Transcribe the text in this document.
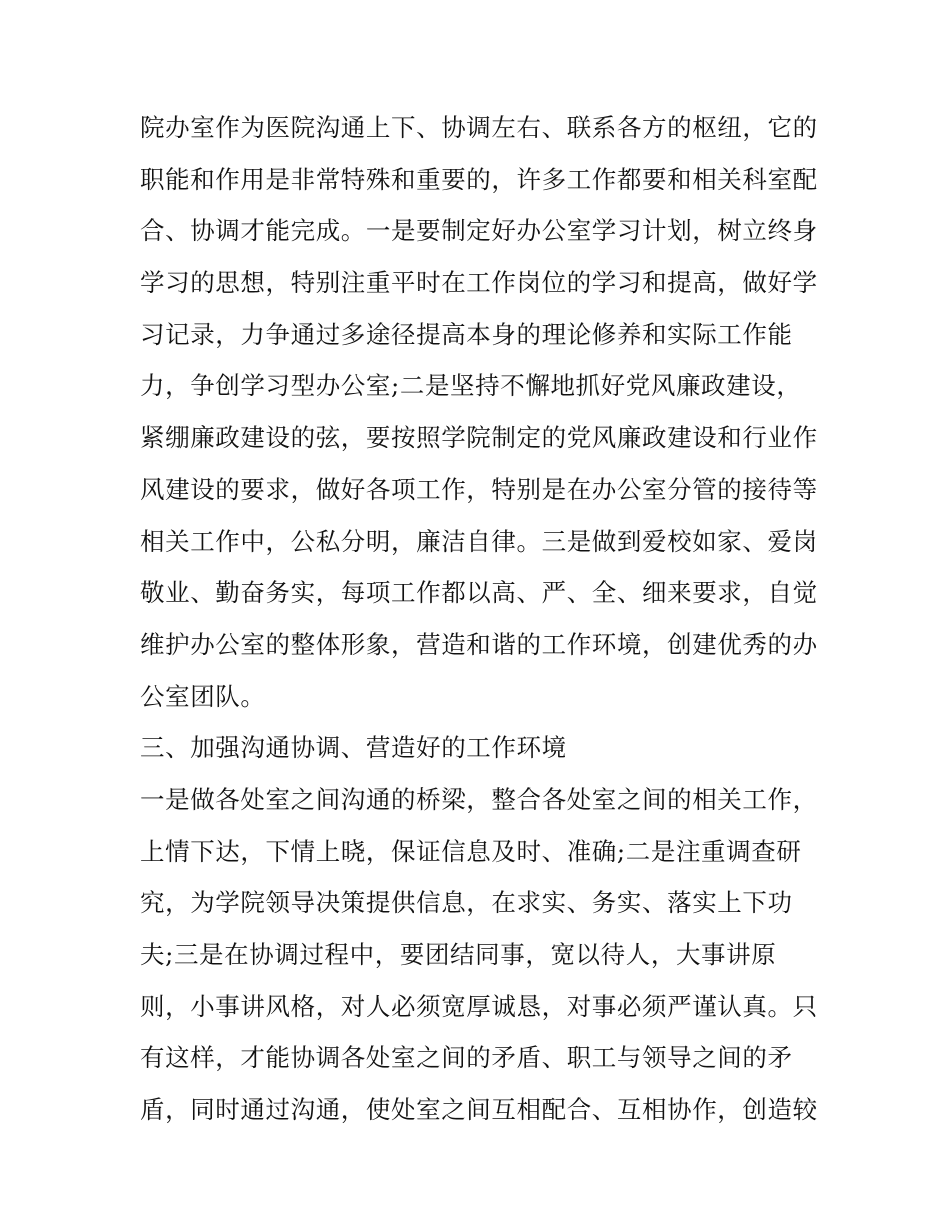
院办室作为医院沟通上下、协调左右、联系各方的枢纽，它的
职能和作用是非常特殊和重要的，许多工作都要和相关科室配
合、协调才能完成。一是要制定好办公室学习计划，树立终身
学习的思想，特别注重平时在工作岗位的学习和提高，做好学
习记录，力争通过多途径提高本身的理论修养和实际工作能
力，争创学习型办公室;二是坚持不懈地抓好党风廉政建设，
紧绷廉政建设的弦，要按照学院制定的党风廉政建设和行业作
风建设的要求，做好各项工作，特别是在办公室分管的接待等
相关工作中，公私分明，廉洁自律。三是做到爱校如家、爱岗
敬业、勤奋务实，每项工作都以高、严、全、细来要求，自觉
维护办公室的整体形象，营造和谐的工作环境，创建优秀的办
公室团队。
三、加强沟通协调、营造好的工作环境
一是做各处室之间沟通的桥梁，整合各处室之间的相关工作，
上情下达，下情上晓，保证信息及时、准确;二是注重调查研
究，为学院领导决策提供信息，在求实、务实、落实上下功
夫;三是在协调过程中，要团结同事，宽以待人，大事讲原
则，小事讲风格，对人必须宽厚诚恳，对事必须严谨认真。只
有这样，才能协调各处室之间的矛盾、职工与领导之间的矛
盾，同时通过沟通，使处室之间互相配合、互相协作，创造较
